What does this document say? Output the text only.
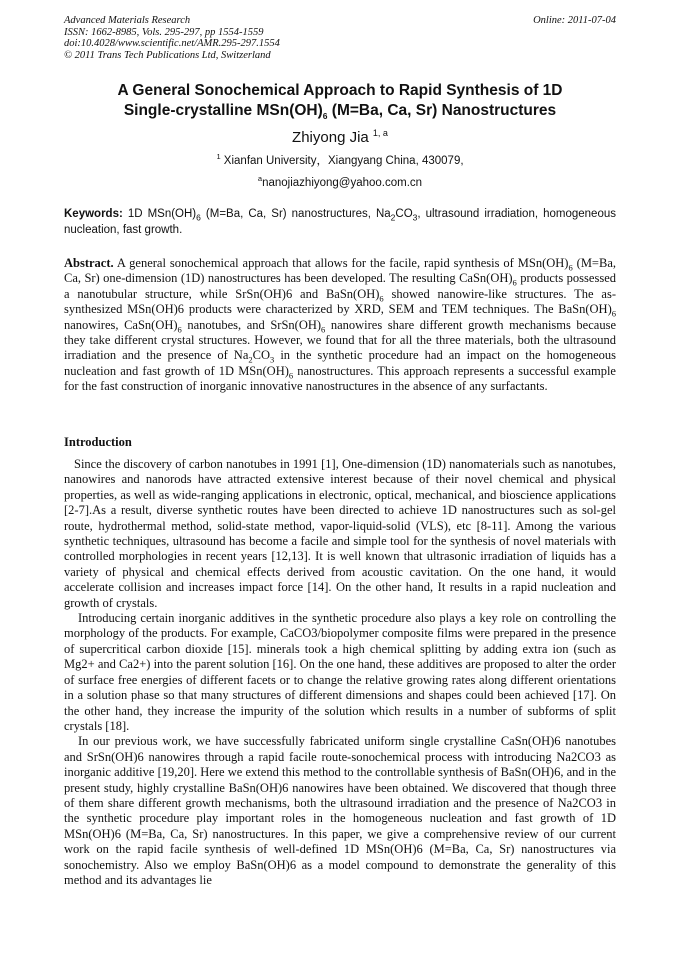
Advanced Materials Research
ISSN: 1662-8985, Vols. 295-297, pp 1554-1559
doi:10.4028/www.scientific.net/AMR.295-297.1554
© 2011 Trans Tech Publications Ltd, Switzerland
Online: 2011-07-04
A General Sonochemical Approach to Rapid Synthesis of 1D
Single-crystalline $MSn(OH)_6$ (M=Ba, Ca, Sr) Nanostructures
Zhiyong Jia $^{1, a}$
$^1$ Xianfan University，Xiangyang China, 430079,
$^a$nanojiazhiyong@yahoo.com.cn
Keywords: 1D $MSn(OH)_6$ (M=Ba, Ca, Sr) nanostructures, $Na_2CO_3$, ultrasound irradiation, homogeneous nucleation, fast growth.
Abstract. A general sonochemical approach that allows for the facile, rapid synthesis of $MSn(OH)_6$ (M=Ba, Ca, Sr) one-dimension (1D) nanostructures has been developed. The resulting $CaSn(OH)_6$ products possessed a nanotubular structure, while SrSn(OH)6 and $BaSn(OH)_6$ showed nanowire-like structures. The as-synthesized MSn(OH)6 products were characterized by XRD, SEM and TEM techniques. The $BaSn(OH)_6$ nanowires, $CaSn(OH)_6$ nanotubes, and $SrSn(OH)_6$ nanowires share different growth mechanisms because they take different crystal structures. However, we found that for all the three materials, both the ultrasound irradiation and the presence of $Na_2CO_3$ in the synthetic procedure had an impact on the homogeneous nucleation and fast growth of 1D $MSn(OH)_6$ nanostructures. This approach represents a successful example for the fast construction of inorganic innovative nanostructures in the absence of any surfactants.
Introduction

Since the discovery of carbon nanotubes in 1991 [1], One-dimension (1D) nanomaterials such as nanotubes, nanowires and nanorods have attracted extensive interest because of their novel chemical and physical properties, as well as wide-ranging applications in electronic, optical, mechanical, and bioscience applications [2-7].As a result, diverse synthetic routes have been directed to achieve 1D nanostructures such as sol-gel route, hydrothermal method, solid-state method, vapor-liquid-solid (VLS), etc [8-11]. Among the various synthetic techniques, ultrasound has become a facile and simple tool for the synthesis of novel materials with controlled morphologies in recent years [12,13]. It is well known that ultrasonic irradiation of liquids has a variety of physical and chemical effects derived from acoustic cavitation. On the one hand, it would accelerate collision and increases impact force [14]. On the other hand, It results in a rapid nucleation and growth of crystals.

Introducing certain inorganic additives in the synthetic procedure also plays a key role on controlling the morphology of the products. For example, CaCO3/biopolymer composite films were prepared in the presence of supercritical carbon dioxide [15]. minerals took a high chemical splitting by adding extra ion (such as Mg2+ and Ca2+) into the parent solution [16]. On the one hand, these additives are proposed to alter the order of surface free energies of different facets or to change the relative growing rates along different orientations in a solution phase so that many structures of different dimensions and shapes could been achieved [17]. On the other hand, they increase the impurity of the solution which results in a number of subforms of split crystals [18].

In our previous work, we have successfully fabricated uniform single crystalline CaSn(OH)6 nanotubes and SrSn(OH)6 nanowires through a rapid facile route-sonochemical process with introducing Na2CO3 as inorganic additive [19,20]. Here we extend this method to the controllable synthesis of BaSn(OH)6, and in the present study, highly crystalline BaSn(OH)6 nanowires have been obtained. We discovered that though three of them share different growth mechanisms, both the ultrasound irradiation and the presence of Na2CO3 in the synthetic procedure play important roles in the homogeneous nucleation and fast growth of 1D MSn(OH)6 (M=Ba, Ca, Sr) nanostructures. In this paper, we give a comprehensive review of our current work on the rapid facile synthesis of well-defined 1D MSn(OH)6 (M=Ba, Ca, Sr) nanostructures via sonochemistry. Also we employ BaSn(OH)6 as a model compound to demonstrate the generality of this method and its advantages lie
